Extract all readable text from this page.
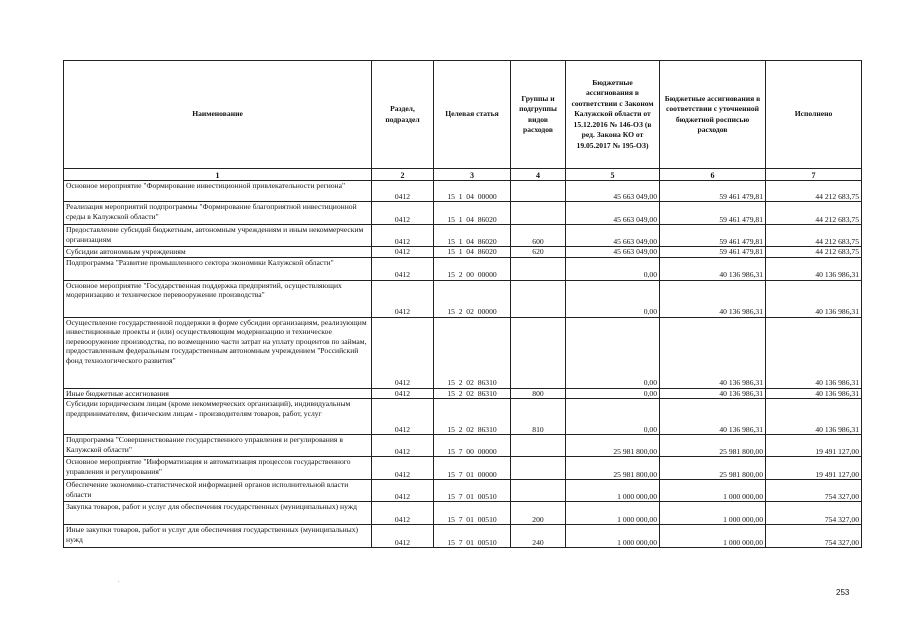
Наименование	Раздел, подраздел	Целевая статья	Группы и подгруппы видов расходов	Бюджетные ассигнования в соответствии с Законом Калужской области от 15.12.2016 № 146-ОЗ (в ред. Закона КО от 19.05.2017 № 195-ОЗ)	Бюджетные ассигнования в соответствии с уточненной бюджетной росписью расходов	Исполнено
1	2	3	4	5	6	7
Основное мероприятие "Формирование инвестиционной привлекательности региона"	0412	15  1  04  00000		45 663 049,00	59 461 479,81	44 212 683,75
Реализация мероприятий подпрограммы "Формирование благоприятной инвестиционной среды в Калужской области"	0412	15  1  04  86020		45 663 049,00	59 461 479,81	44 212 683,75
Предоставление субсидий бюджетным, автономным учреждениям и иным некоммерческим организациям	0412	15  1  04  86020	600	45 663 049,00	59 461 479,81	44 212 683,75
Субсидии автономным учреждениям	0412	15  1  04  86020	620	45 663 049,00	59 461 479,81	44 212 683,75
Подпрограмма "Развитие промышленного сектора экономики Калужской области"	0412	15  2  00  00000		0,00	40 136 986,31	40 136 986,31
Основное мероприятие "Государственная поддержка предприятий, осуществляющих модернизацию и техническое перевооружение производства"	0412	15  2  02  00000		0,00	40 136 986,31	40 136 986,31
Осуществление государственной поддержки в форме субсидии организациям, реализующим инвестиционные проекты и (или) осуществляющим модернизацию и техническое перевооружение производства, по возмещению части затрат на уплату процентов по займам, предоставленным федеральным государственным автономным учреждением "Российский фонд технологического развития"	0412	15  2  02  86310		0,00	40 136 986,31	40 136 986,31
Иные бюджетные ассигнования	0412	15  2  02  86310	800	0,00	40 136 986,31	40 136 986,31
Субсидии юридическим лицам (кроме некоммерческих организаций), индивидуальным предпринимателям, физическим лицам - производителям товаров, работ, услуг	0412	15  2  02  86310	810	0,00	40 136 986,31	40 136 986,31
Подпрограмма "Совершенствование государственного управления и регулирования в Калужской области"	0412	15  7  00  00000		25 981 800,00	25 981 800,00	19 491 127,00
Основное мероприятие "Информатизация и автоматизация процессов государственного управления и регулирования"	0412	15  7  01  00000		25 981 800,00	25 981 800,00	19 491 127,00
Обеспечение экономико-статистической информацией органов исполнительной власти области	0412	15  7  01  00510		1 000 000,00	1 000 000,00	754 327,00
Закупка товаров, работ и услуг для обеспечения государственных (муниципальных) нужд	0412	15  7  01  00510	200	1 000 000,00	1 000 000,00	754 327,00
Иные закупки товаров, работ и услуг для обеспечения государственных (муниципальных) нужд	0412	15  7  01  00510	240	1 000 000,00	1 000 000,00	754 327,00
.
253
